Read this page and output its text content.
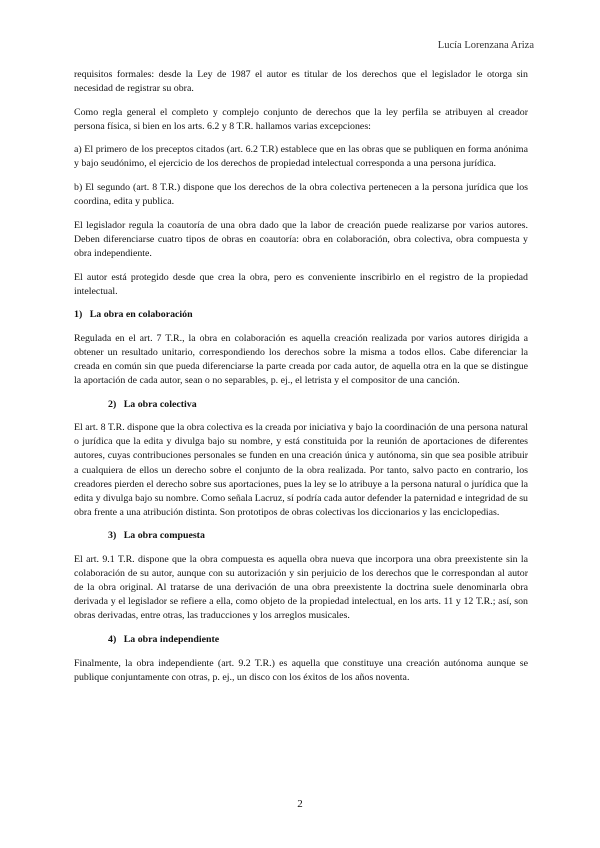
Lucía Lorenzana Ariza

requisitos formales: desde la Ley de 1987 el autor es titular de los derechos que el legislador le otorga sin necesidad de registrar su obra.

Como regla general el completo y complejo conjunto de derechos que la ley perfila se atribuyen al creador persona física, si bien en los arts. 6.2 y 8 T.R. hallamos varias excepciones:

a) El primero de los preceptos citados (art. 6.2 T.R) establece que en las obras que se publiquen en forma anónima y bajo seudónimo, el ejercicio de los derechos de propiedad intelectual corresponda a una persona jurídica.

b) El segundo (art. 8 T.R.) dispone que los derechos de la obra colectiva pertenecen a la persona jurídica que los coordina, edita y publica.

El legislador regula la coautoría de una obra dado que la labor de creación puede realizarse por varios autores. Deben diferenciarse cuatro tipos de obras en coautoría: obra en colaboración, obra colectiva, obra compuesta y obra independiente.

El autor está protegido desde que crea la obra, pero es conveniente inscribirlo en el registro de la propiedad intelectual.

1) La obra en colaboración

Regulada en el art. 7 T.R., la obra en colaboración es aquella creación realizada por varios autores dirigida a obtener un resultado unitario, correspondiendo los derechos sobre la misma a todos ellos. Cabe diferenciar la creada en común sin que pueda diferenciarse la parte creada por cada autor, de aquella otra en la que se distingue la aportación de cada autor, sean o no separables, p. ej., el letrista y el compositor de una canción.

2) La obra colectiva

El art. 8 T.R. dispone que la obra colectiva es la creada por iniciativa y bajo la coordinación de una persona natural o jurídica que la edita y divulga bajo su nombre, y está constituida por la reunión de aportaciones de diferentes autores, cuyas contribuciones personales se funden en una creación única y autónoma, sin que sea posible atribuir a cualquiera de ellos un derecho sobre el conjunto de la obra realizada. Por tanto, salvo pacto en contrario, los creadores pierden el derecho sobre sus aportaciones, pues la ley se lo atribuye a la persona natural o jurídica que la edita y divulga bajo su nombre. Como señala Lacruz, sí podría cada autor defender la paternidad e integridad de su obra frente a una atribución distinta. Son prototipos de obras colectivas los diccionarios y las enciclopedias.

3) La obra compuesta

El art. 9.1 T.R. dispone que la obra compuesta es aquella obra nueva que incorpora una obra preexistente sin la colaboración de su autor, aunque con su autorización y sin perjuicio de los derechos que le correspondan al autor de la obra original. Al tratarse de una derivación de una obra preexistente la doctrina suele denominarla obra derivada y el legislador se refiere a ella, como objeto de la propiedad intelectual, en los arts. 11 y 12 T.R.; así, son obras derivadas, entre otras, las traducciones y los arreglos musicales.

4) La obra independiente

Finalmente, la obra independiente (art. 9.2 T.R.) es aquella que constituye una creación autónoma aunque se publique conjuntamente con otras, p. ej., un disco con los éxitos de los años noventa.

2
